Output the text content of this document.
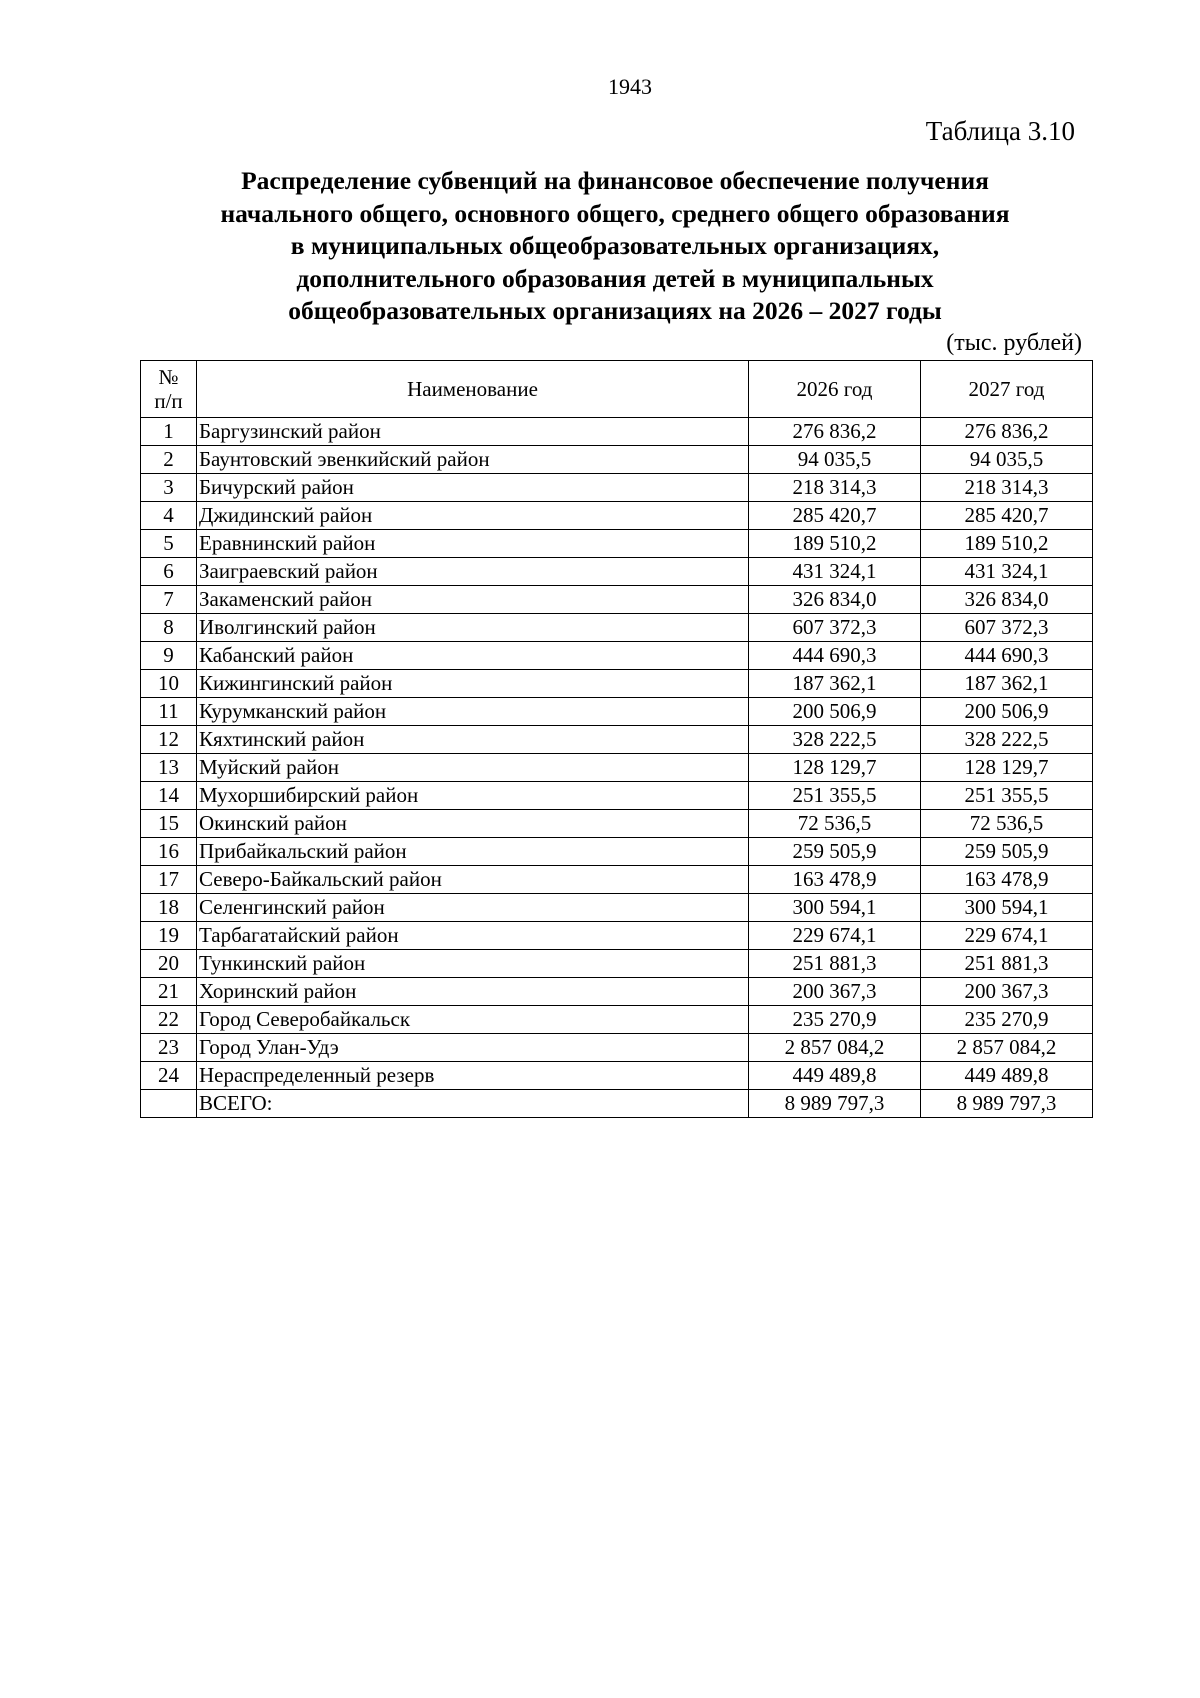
1943
Таблица 3.10
Распределение субвенций на финансовое обеспечение получения
начального общего, основного общего, среднего общего образования
в муниципальных общеобразовательных организациях,
дополнительного образования детей в муниципальных
общеобразовательных организациях на 2026 – 2027 годы
(тыс. рублей)
№
п/п	Наименование	2026 год	2027 год
1	Баргузинский район	276 836,2	276 836,2
2	Баунтовский эвенкийский район	94 035,5	94 035,5
3	Бичурский район	218 314,3	218 314,3
4	Джидинский район	285 420,7	285 420,7
5	Еравнинский район	189 510,2	189 510,2
6	Заиграевский район	431 324,1	431 324,1
7	Закаменский район	326 834,0	326 834,0
8	Иволгинский район	607 372,3	607 372,3
9	Кабанский район	444 690,3	444 690,3
10	Кижингинский район	187 362,1	187 362,1
11	Курумканский район	200 506,9	200 506,9
12	Кяхтинский район	328 222,5	328 222,5
13	Муйский район	128 129,7	128 129,7
14	Мухоршибирский район	251 355,5	251 355,5
15	Окинский район	72 536,5	72 536,5
16	Прибайкальский район	259 505,9	259 505,9
17	Северо-Байкальский район	163 478,9	163 478,9
18	Селенгинский район	300 594,1	300 594,1
19	Тарбагатайский район	229 674,1	229 674,1
20	Тункинский район	251 881,3	251 881,3
21	Хоринский район	200 367,3	200 367,3
22	Город Северобайкальск	235 270,9	235 270,9
23	Город Улан-Удэ	2 857 084,2	2 857 084,2
24	Нераспределенный резерв	449 489,8	449 489,8
	ВСЕГО:	8 989 797,3	8 989 797,3
